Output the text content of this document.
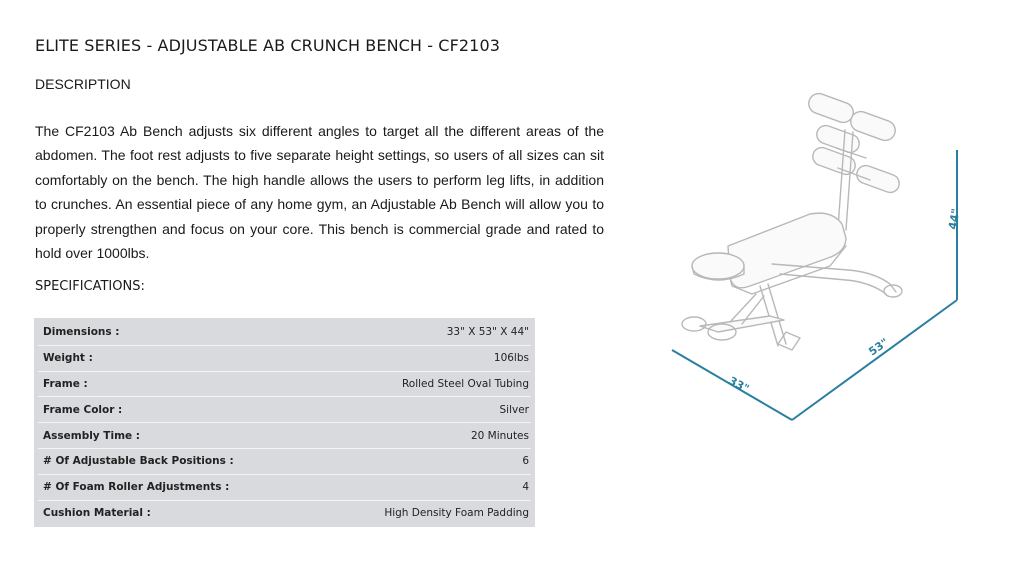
ELITE SERIES - ADJUSTABLE AB CRUNCH BENCH - CF2103
DESCRIPTION

The CF2103 Ab Bench adjusts six different angles to target all the different areas of the abdomen. The foot rest adjusts to five separate height settings, so users of all sizes can sit comfortably on the bench. The high handle allows the users to perform leg lifts, in addition to crunches. An essential piece of any home gym, an Adjustable Ab Bench will allow you to properly strengthen and focus on your core. This bench is commercial grade and rated to hold over 1000lbs.

SPECIFICATIONS:
Dimensions :	33" X 53" X 44"
Weight :	106lbs
Frame :	Rolled Steel Oval Tubing
Frame Color :	Silver
Assembly Time :	20 Minutes
# Of Adjustable Back Positions :	6
# Of Foam Roller Adjustments :	4
Cushion Material :	High Density Foam Padding
44"
53"
33"
